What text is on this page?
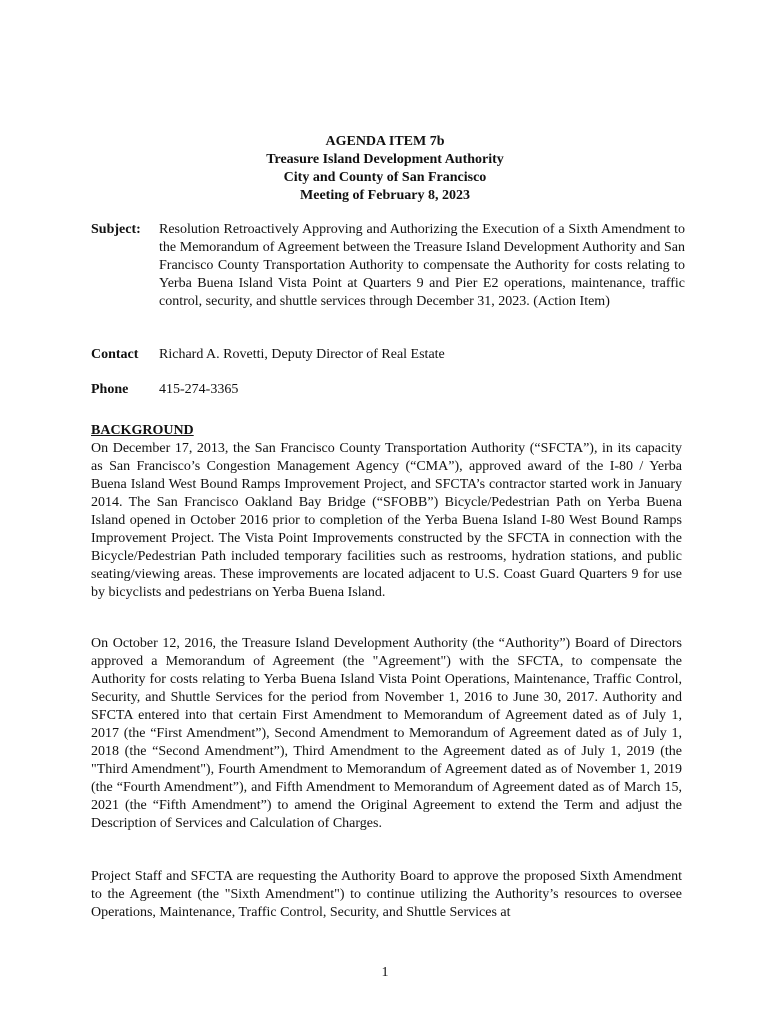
AGENDA ITEM 7b
Treasure Island Development Authority
City and County of San Francisco
Meeting of February 8, 2023
Subject: Resolution Retroactively Approving and Authorizing the Execution of a Sixth Amendment to the Memorandum of Agreement between the Treasure Island Development Authority and San Francisco County Transportation Authority to compensate the Authority for costs relating to Yerba Buena Island Vista Point at Quarters 9 and Pier E2 operations, maintenance, traffic control, security, and shuttle services through December 31, 2023. (Action Item)
Contact Richard A. Rovetti, Deputy Director of Real Estate
Phone 415-274-3365
BACKGROUND

On December 17, 2013, the San Francisco County Transportation Authority (“SFCTA”), in its capacity as San Francisco’s Congestion Management Agency (“CMA”), approved award of the I-80 / Yerba Buena Island West Bound Ramps Improvement Project, and SFCTA’s contractor started work in January 2014. The San Francisco Oakland Bay Bridge (“SFOBB”) Bicycle/Pedestrian Path on Yerba Buena Island opened in October 2016 prior to completion of the Yerba Buena Island I-80 West Bound Ramps Improvement Project. The Vista Point Improvements constructed by the SFCTA in connection with the Bicycle/Pedestrian Path included temporary facilities such as restrooms, hydration stations, and public seating/viewing areas. These improvements are located adjacent to U.S. Coast Guard Quarters 9 for use by bicyclists and pedestrians on Yerba Buena Island.

On October 12, 2016, the Treasure Island Development Authority (the “Authority”) Board of Directors approved a Memorandum of Agreement (the "Agreement") with the SFCTA, to compensate the Authority for costs relating to Yerba Buena Island Vista Point Operations, Maintenance, Traffic Control, Security, and Shuttle Services for the period from November 1, 2016 to June 30, 2017. Authority and SFCTA entered into that certain First Amendment to Memorandum of Agreement dated as of July 1, 2017 (the “First Amendment”), Second Amendment to Memorandum of Agreement dated as of July 1, 2018 (the “Second Amendment”), Third Amendment to the Agreement dated as of July 1, 2019 (the "Third Amendment"), Fourth Amendment to Memorandum of Agreement dated as of November 1, 2019 (the “Fourth Amendment”), and Fifth Amendment to Memorandum of Agreement dated as of March 15, 2021 (the “Fifth Amendment”) to amend the Original Agreement to extend the Term and adjust the Description of Services and Calculation of Charges.

Project Staff and SFCTA are requesting the Authority Board to approve the proposed Sixth Amendment to the Agreement (the "Sixth Amendment") to continue utilizing the Authority’s resources to oversee Operations, Maintenance, Traffic Control, Security, and Shuttle Services at

1
